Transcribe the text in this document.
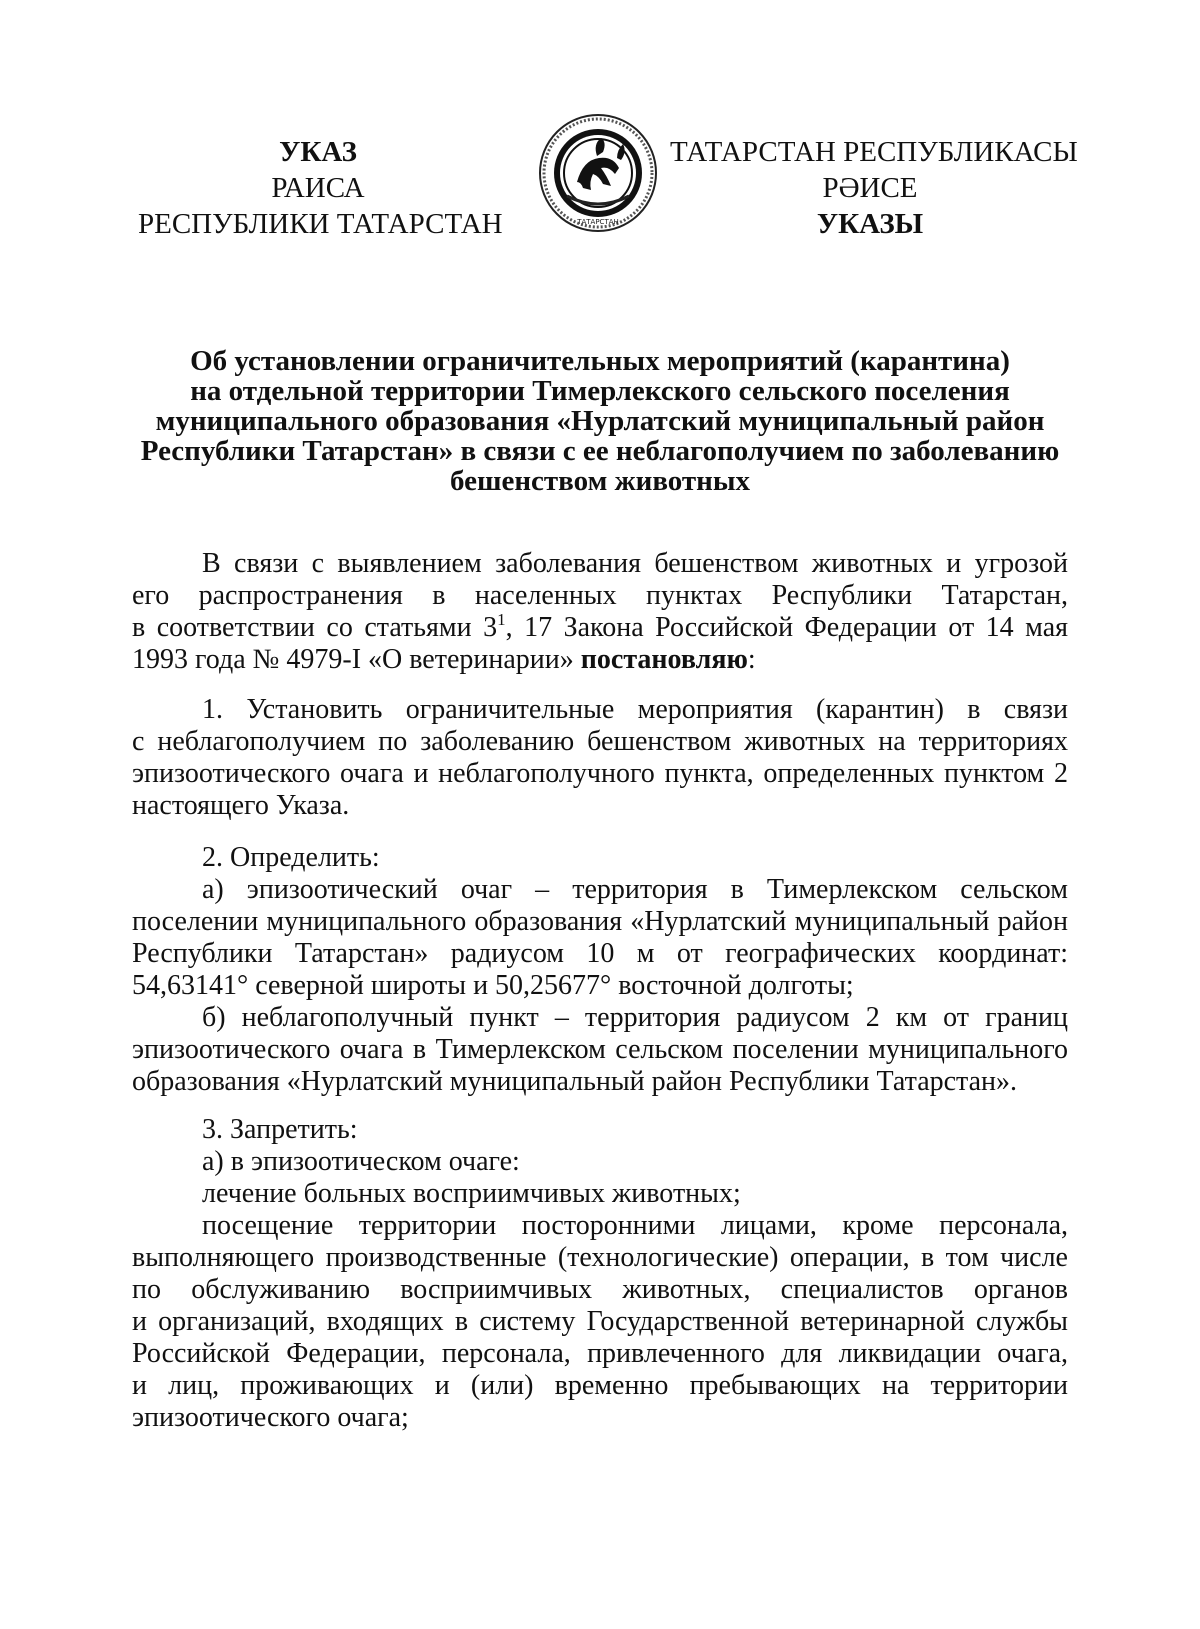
УКАЗ
РАИСА
РЕСПУБЛИКИ ТАТАРСТАН	ТАТАРСТАН
ТАТАРСТАН РЕСПУБЛИКАСЫ
РӘИСЕ
УКАЗЫ
Об установлении ограничительных мероприятий (карантина)
на отдельной территории Тимерлекского сельского поселения
муниципального образования «Нурлатский муниципальный район
Республики Татарстан» в связи с ее неблагополучием по заболеванию
бешенством животных
В связи с выявлением заболевания бешенством животных и угрозой
его распространения в населенных пунктах Республики Татарстан,
в соответствии со статьями $3^1$, 17 Закона Российской Федерации от 14 мая
1993 года № 4979-I «О ветеринарии» постановляю:
1. Установить ограничительные мероприятия (карантин) в связи
с неблагополучием по заболеванию бешенством животных на территориях
эпизоотического очага и неблагополучного пункта, определенных пунктом 2
настоящего Указа.
2. Определить:
а) эпизоотический очаг – территория в Тимерлекском сельском
поселении муниципального образования «Нурлатский муниципальный район
Республики Татарстан» радиусом 10 м от географических координат:
54,63141° северной широты и 50,25677° восточной долготы;
б) неблагополучный пункт – территория радиусом 2 км от границ
эпизоотического очага в Тимерлекском сельском поселении муниципального
образования «Нурлатский муниципальный район Республики Татарстан».
3. Запретить:
а) в эпизоотическом очаге:
лечение больных восприимчивых животных;
посещение территории посторонними лицами, кроме персонала,
выполняющего производственные (технологические) операции, в том числе
по обслуживанию восприимчивых животных, специалистов органов
и организаций, входящих в систему Государственной ветеринарной службы
Российской Федерации, персонала, привлеченного для ликвидации очага,
и лиц, проживающих и (или) временно пребывающих на территории
эпизоотического очага;
